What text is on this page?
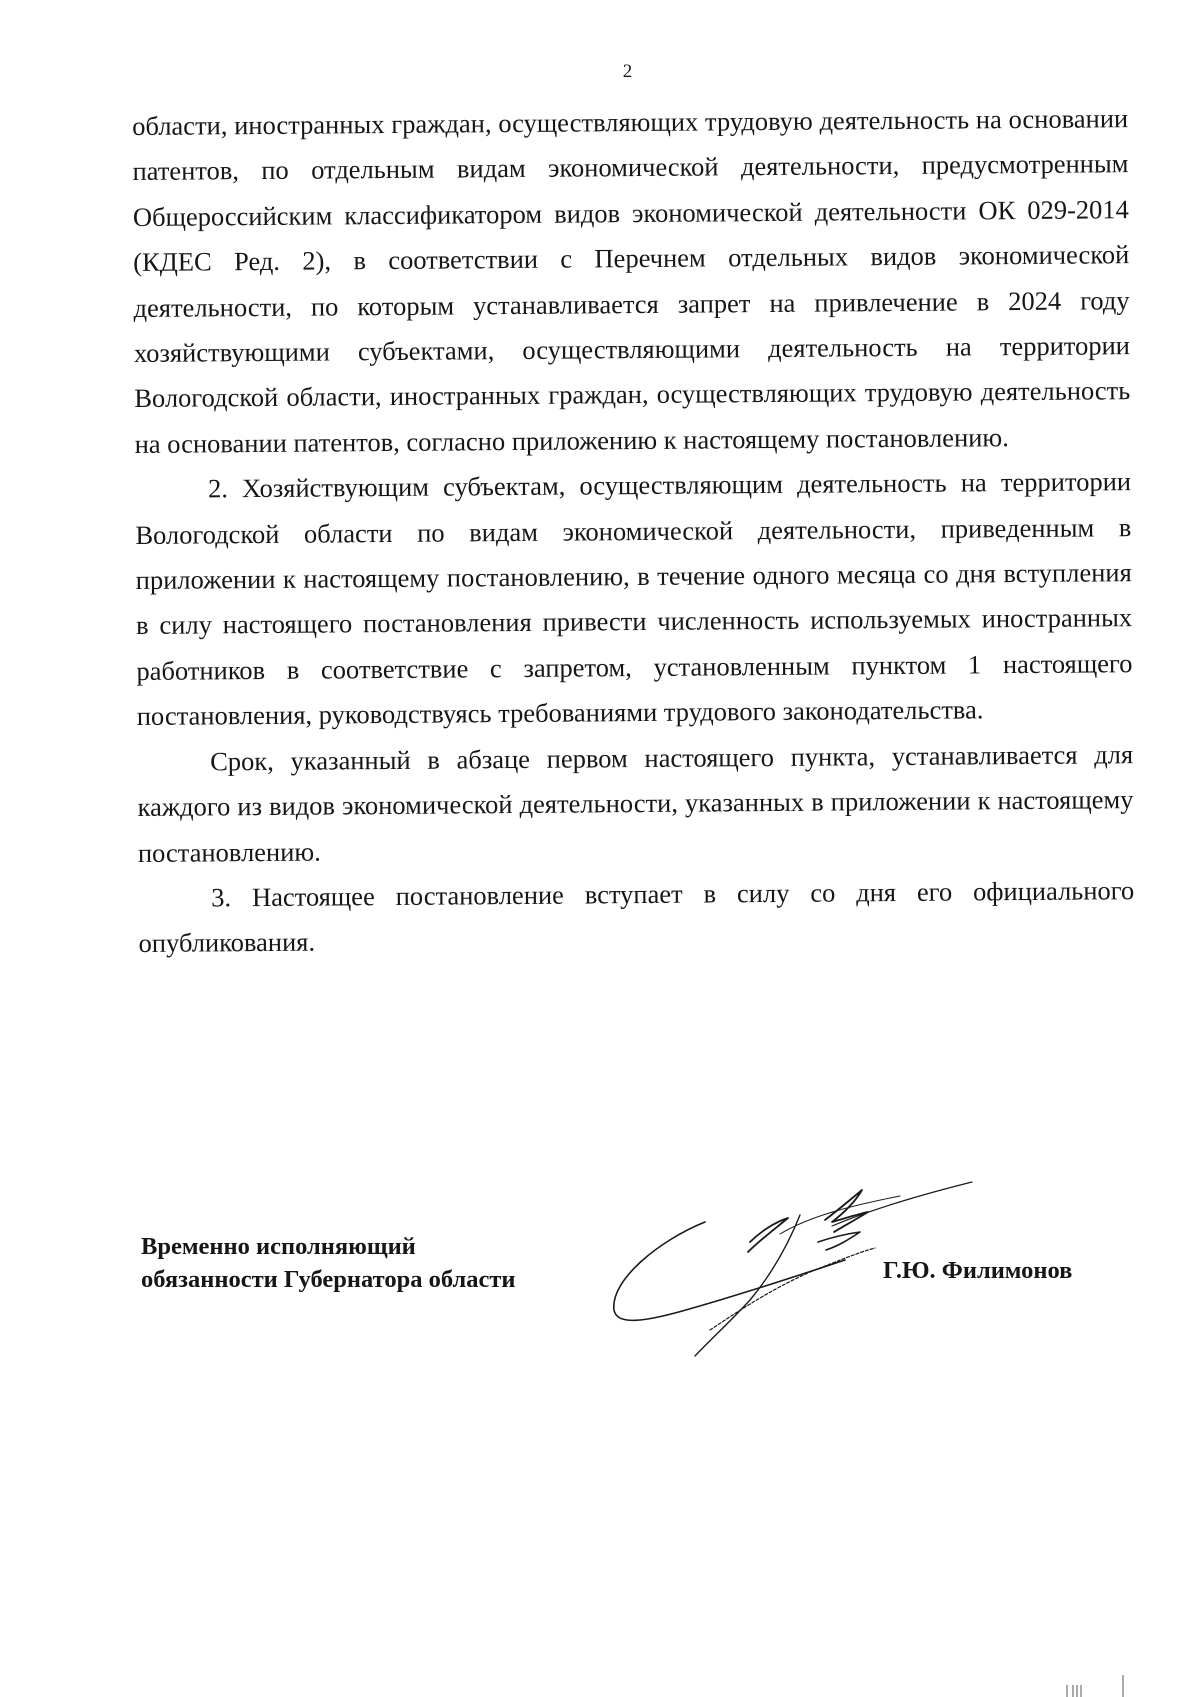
2

области, иностранных граждан, осуществляющих трудовую деятельность на основании патентов, по отдельным видам экономической деятельности, предусмотренным Общероссийским классификатором видов экономической деятельности ОК 029-2014 (КДЕС Ред. 2), в соответствии с Перечнем отдельных видов экономической деятельности, по которым устанавливается запрет на привлечение в 2024 году хозяйствующими субъектами, осуществляющими деятельность на территории Вологодской области, иностранных граждан, осуществляющих трудовую деятельность на основании патентов, согласно приложению к настоящему постановлению.

2. Хозяйствующим субъектам, осуществляющим деятельность на территории Вологодской области по видам экономической деятельности, приведенным в приложении к настоящему постановлению, в течение одного месяца со дня вступления в силу настоящего постановления привести численность используемых иностранных работников в соответствие с запретом, установленным пунктом 1 настоящего постановления, руководствуясь требованиями трудового законодательства.

Срок, указанный в абзаце первом настоящего пункта, устанавливается для каждого из видов экономической деятельности, указанных в приложении к настоящему постановлению.

3. Настоящее постановление вступает в силу со дня его официального опубликования.

Временно исполняющий
обязанности Губернатора области	Г.Ю. Филимонов
